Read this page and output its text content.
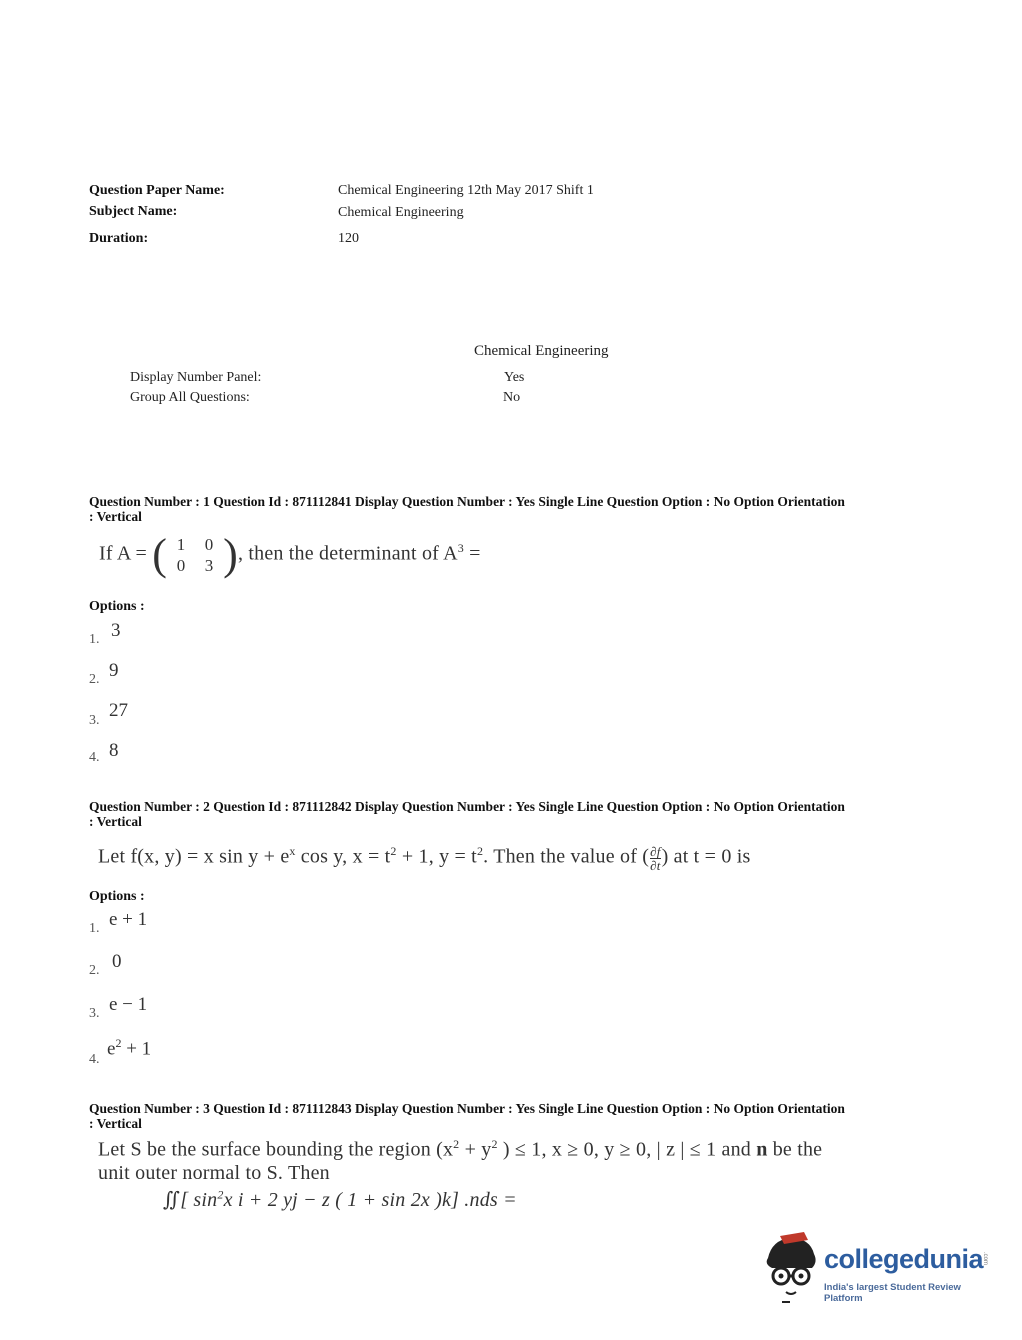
Question Paper Name:	Chemical Engineering 12th May 2017 Shift 1
Subject Name:	Chemical Engineering
Duration:	120
Chemical Engineering
Display Number Panel:	Yes
Group All Questions:	No
Question Number : 1 Question Id : 871112841 Display Question Number : Yes Single Line Question Option : No Option Orientation : Vertical
If A = ( 1	0
0	3 ), then the determinant of $A^3$ =
Options :
1. 3
2. 9
3. 27
4. 8
Question Number : 2 Question Id : 871112842 Display Question Number : Yes Single Line Question Option : No Option Orientation : Vertical
Let f(x, y) = x $\sin y + e^x$ cos y, $x = t^2 + 1$, $y = t^2$. Then the value of ( $\frac{\partial f}{\partial t}$ ) at t = 0 is
Options :
1. e + 1
2. 0
3. e − 1
4.
$e^2 + 1$
Question Number : 3 Question Id : 871112843 Display Question Number : Yes Single Line Question Option : No Option Orientation : Vertical
Let S be the surface bounding the region ($x^2 + y^2$ ) ≤ 1, x ≥ 0, y ≥ 0, | z | ≤ 1 and n be the
unit outer normal to S. Then
∬[ $\sin^2x$ i + 2 yj − z ( 1 + sin 2x )k] .nds =
collegedunia
.com
India's largest Student Review Platform
